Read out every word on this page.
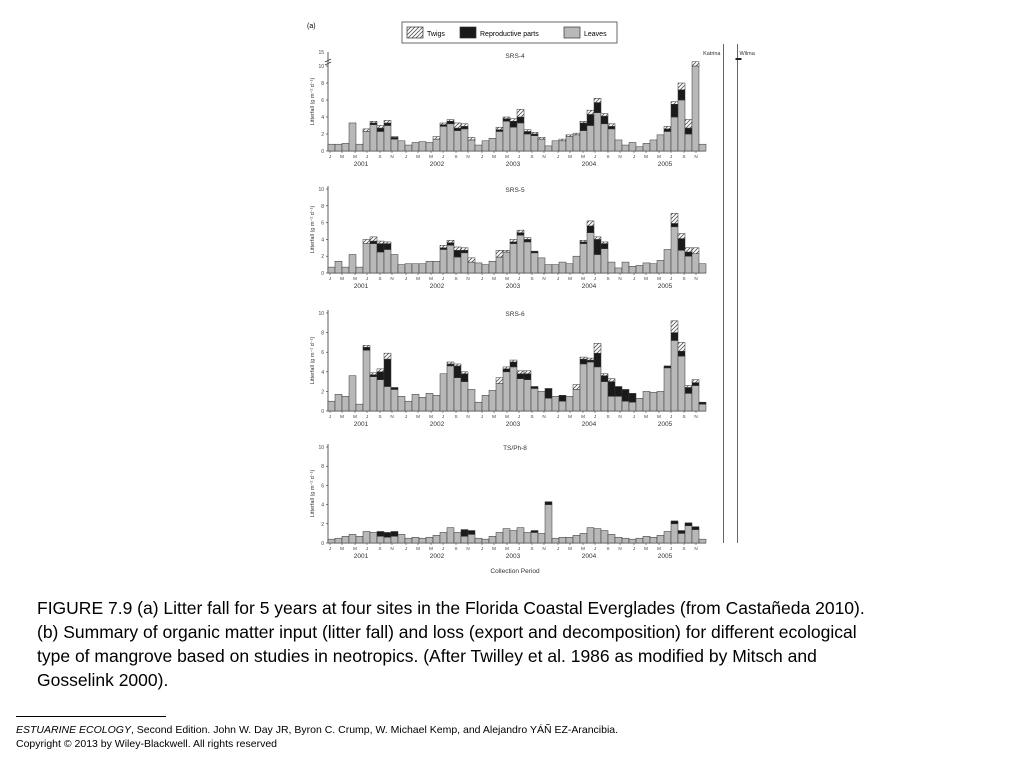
(a)
Twigs	Reproductive parts	Leaves
0
2
4
6
8
10
15	SRS-4
Litterfall (g m⁻² d⁻¹)
J M M J S N
2001
J M M J S N
2002
J M M J S N
2003
J M M J S N
2004
J M M J S N
2005
0
2
4
6
8
10	SRS-5
Litterfall (g m⁻² d⁻¹)
J M M J S N
2001
J M M J S N
2002
J M M J S N
2003
J M M J S N
2004
J M M J S N
2005
0
2
4
6
8
10	SRS-6
Litterfall (g m⁻² d⁻¹)
J M M J S N
2001
J M M J S N
2002
J M M J S N
2003
J M M J S N
2004
J M M J S N
2005
0
2
4
6
8
10	TS/Ph-8
Litterfall (g m⁻² d⁻¹)
J M M J S N
2001
J M M J S N
2002
J M M J S N
2003
J M M J S N
2004
J M M J S N
2005
Collection Period
Katrina	Wilma

FIGURE 7.9 (a) Litter fall for 5 years at four sites in the Florida Coastal Everglades (from Castañeda 2010).
(b) Summary of organic matter input (litter fall) and loss (export and decomposition) for different ecological
type of mangrove based on studies in neotropics. (After Twilley et al. 1986 as modified by Mitsch and
Gosselink 2000).

ESTUARINE ECOLOGY, Second Edition. John W. Day JR, Byron C. Crump, W. Michael Kemp, and Alejandro YÁÑ EZ-Arancibia.

Copyright © 2013 by Wiley-Blackwell. All rights reserved
